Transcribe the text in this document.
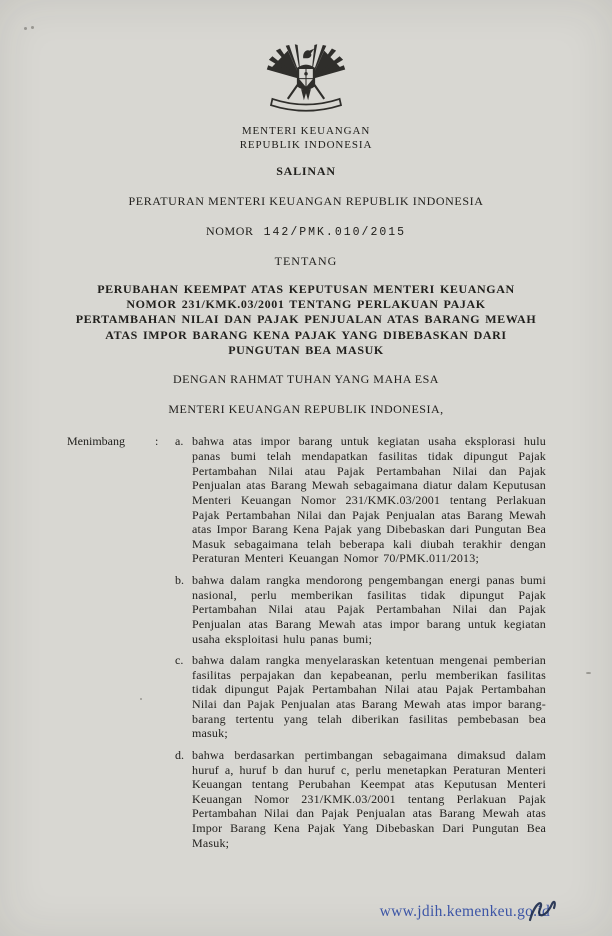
MENTERI KEUANGAN
REPUBLIK INDONESIA
SALINAN
PERATURAN MENTERI KEUANGAN REPUBLIK INDONESIA
NOMOR 142/PMK.010/2015
TENTANG
PERUBAHAN KEEMPAT ATAS KEPUTUSAN MENTERI KEUANGAN NOMOR 231/KMK.03/2001 TENTANG PERLAKUAN PAJAK PERTAMBAHAN NILAI DAN PAJAK PENJUALAN ATAS BARANG MEWAH ATAS IMPOR BARANG KENA PAJAK YANG DIBEBASKAN DARI PUNGUTAN BEA MASUK
DENGAN RAHMAT TUHAN YANG MAHA ESA
MENTERI KEUANGAN REPUBLIK INDONESIA,
Menimbang	:	a. bahwa atas impor barang untuk kegiatan usaha eksplorasi hulu panas bumi telah mendapatkan fasilitas tidak dipungut Pajak Pertambahan Nilai atau Pajak Pertambahan Nilai dan Pajak Penjualan atas Barang Mewah sebagaimana diatur dalam Keputusan Menteri Keuangan Nomor 231/KMK.03/2001 tentang Perlakuan Pajak Pertambahan Nilai dan Pajak Penjualan atas Barang Mewah atas Impor Barang Kena Pajak yang Dibebaskan dari Pungutan Bea Masuk sebagaimana telah beberapa kali diubah terakhir dengan Peraturan Menteri Keuangan Nomor 70/PMK.011/2013;
b. bahwa dalam rangka mendorong pengembangan energi panas bumi nasional, perlu memberikan fasilitas tidak dipungut Pajak Pertambahan Nilai atau Pajak Pertambahan Nilai dan Pajak Penjualan atas Barang Mewah atas impor barang untuk kegiatan usaha eksploitasi hulu panas bumi;
c. bahwa dalam rangka menyelaraskan ketentuan mengenai pemberian fasilitas perpajakan dan kepabeanan, perlu memberikan fasilitas tidak dipungut Pajak Pertambahan Nilai atau Pajak Pertambahan Nilai dan Pajak Penjualan atas Barang Mewah atas impor barang-barang tertentu yang telah diberikan fasilitas pembebasan bea masuk;
d. bahwa berdasarkan pertimbangan sebagaimana dimaksud dalam huruf a, huruf b dan huruf c, perlu menetapkan Peraturan Menteri Keuangan tentang Perubahan Keempat atas Keputusan Menteri Keuangan Nomor 231/KMK.03/2001 tentang Perlakuan Pajak Pertambahan Nilai dan Pajak Penjualan atas Barang Mewah atas Impor Barang Kena Pajak Yang Dibebaskan Dari Pungutan Bea Masuk;
www.jdih.kemenkeu.go.id
